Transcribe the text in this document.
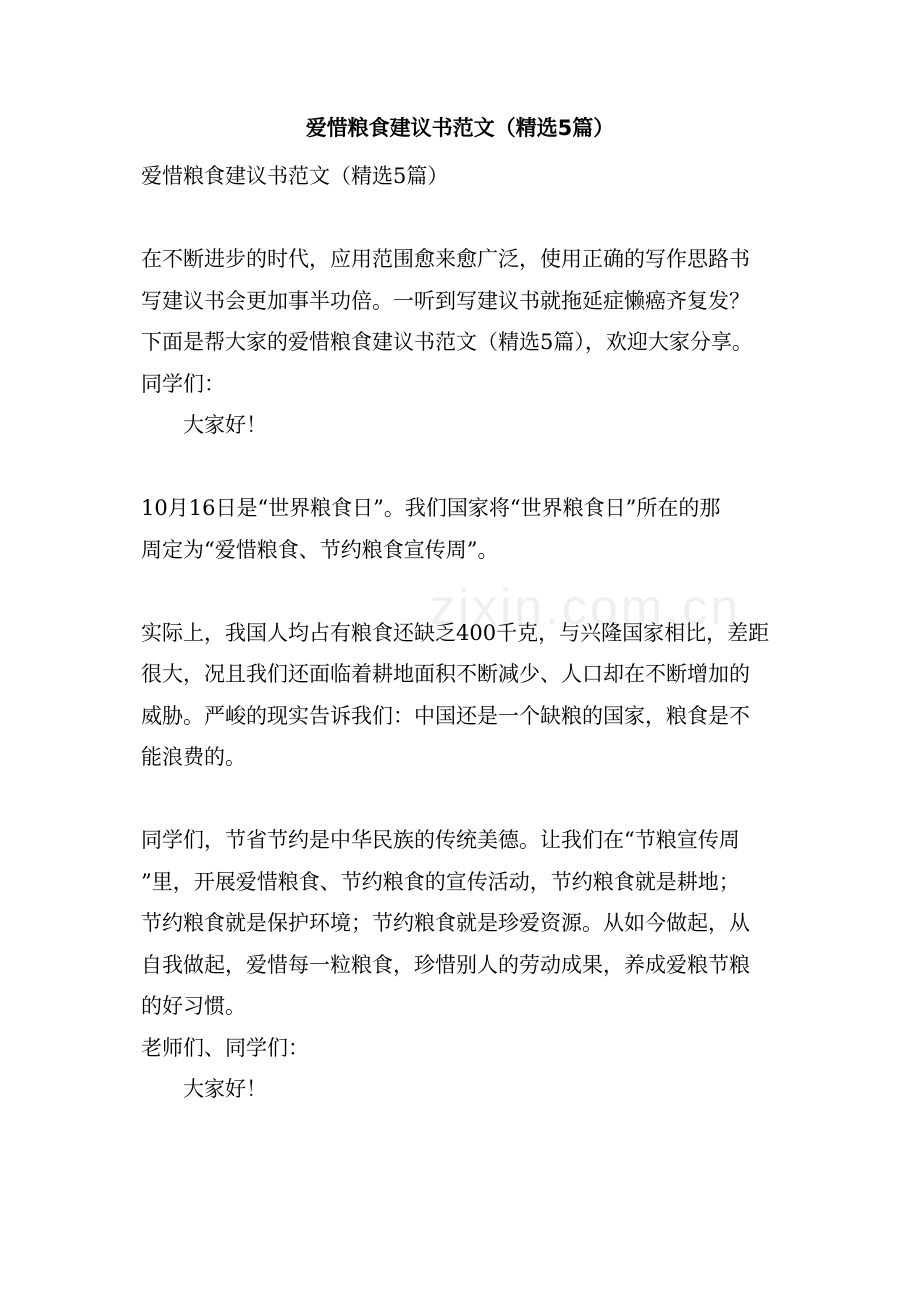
zixin.com.cn
爱惜粮食建议书范文（精选5篇）
爱惜粮食建议书范文（精选5篇）
在不断进步的时代，应用范围愈来愈广泛，使用正确的写作思路书
写建议书会更加事半功倍。一听到写建议书就拖延症懒癌齐复发？
下面是帮大家的爱惜粮食建议书范文（精选5篇），欢迎大家分享。
同学们：
大家好！
10月16日是“世界粮食日”。我们国家将“世界粮食日”所在的那
周定为“爱惜粮食、节约粮食宣传周”。
实际上，我国人均占有粮食还缺乏400千克，与兴隆国家相比，差距
很大，况且我们还面临着耕地面积不断减少、人口却在不断增加的
威胁。严峻的现实告诉我们：中国还是一个缺粮的国家，粮食是不
能浪费的。
同学们，节省节约是中华民族的传统美德。让我们在“节粮宣传周
”里，开展爱惜粮食、节约粮食的宣传活动，节约粮食就是耕地；
节约粮食就是保护环境；节约粮食就是珍爱资源。从如今做起，从
自我做起，爱惜每一粒粮食，珍惜别人的劳动成果，养成爱粮节粮
的好习惯。
老师们、同学们：
大家好！
